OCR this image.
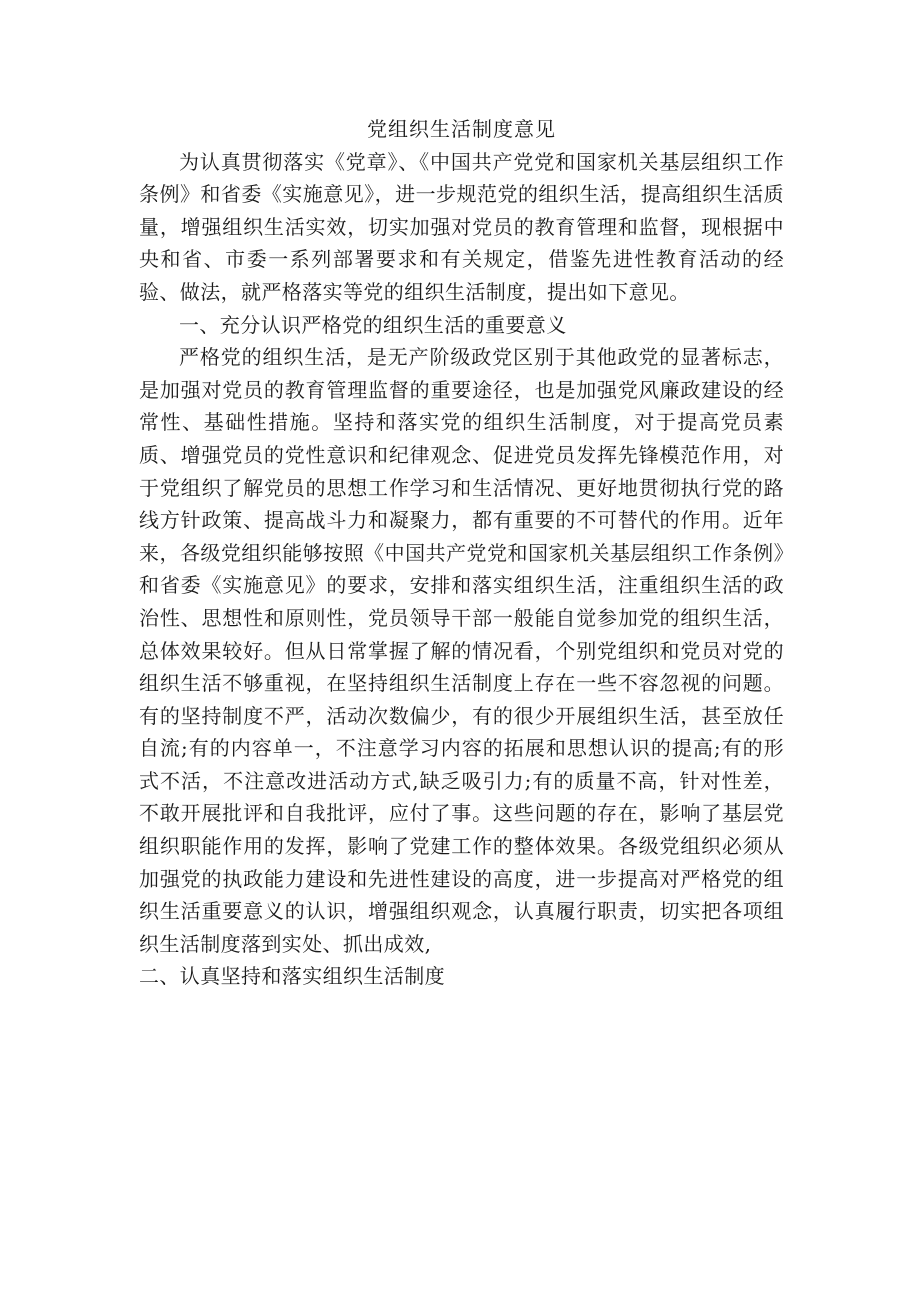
党组织生活制度意见

为认真贯彻落实《党章》、《中国共产党党和国家机关基层组织工作条例》和省委《实施意见》，进一步规范党的组织生活，提高组织生活质量，增强组织生活实效，切实加强对党员的教育管理和监督，现根据中央和省、市委一系列部署要求和有关规定，借鉴先进性教育活动的经验、做法，就严格落实等党的组织生活制度，提出如下意见。

一、充分认识严格党的组织生活的重要意义

严格党的组织生活，是无产阶级政党区别于其他政党的显著标志，是加强对党员的教育管理监督的重要途径，也是加强党风廉政建设的经常性、基础性措施。坚持和落实党的组织生活制度，对于提高党员素质、增强党员的党性意识和纪律观念、促进党员发挥先锋模范作用，对于党组织了解党员的思想工作学习和生活情况、更好地贯彻执行党的路线方针政策、提高战斗力和凝聚力，都有重要的不可替代的作用。近年来，各级党组织能够按照《中国共产党党和国家机关基层组织工作条例》和省委《实施意见》的要求，安排和落实组织生活，注重组织生活的政治性、思想性和原则性，党员领导干部一般能自觉参加党的组织生活，总体效果较好。但从日常掌握了解的情况看，个别党组织和党员对党的组织生活不够重视，在坚持组织生活制度上存在一些不容忽视的问题。有的坚持制度不严，活动次数偏少，有的很少开展组织生活，甚至放任自流;有的内容单一，不注意学习内容的拓展和思想认识的提高;有的形式不活，不注意改进活动方式,缺乏吸引力;有的质量不高，针对性差，不敢开展批评和自我批评，应付了事。这些问题的存在，影响了基层党组织职能作用的发挥，影响了党建工作的整体效果。各级党组织必须从加强党的执政能力建设和先进性建设的高度，进一步提高对严格党的组织生活重要意义的认识，增强组织观念，认真履行职责，切实把各项组织生活制度落到实处、抓出成效,

二、认真坚持和落实组织生活制度
